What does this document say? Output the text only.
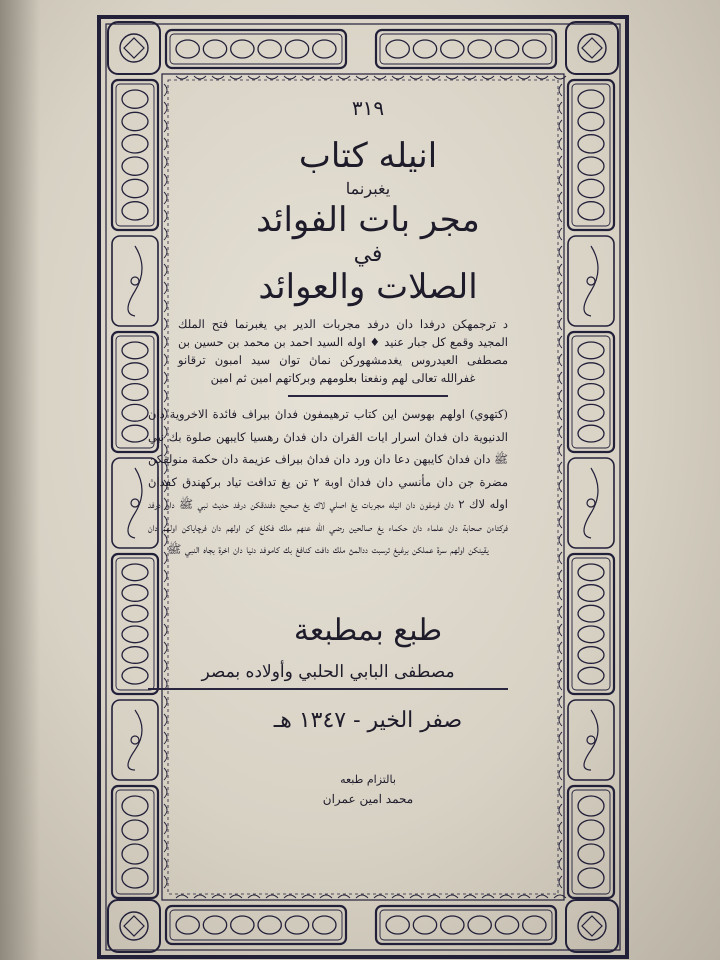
٣١٩
انيله كتاب
يغبرنما
مجر بات الفوائد
في
الصلات والعوائد
د ترجمهكن درفدا دان درفد مجربات الدير بي يغبرنما فتح الملك المجيد وقمع كل جبار عنيد ♦ اوله السيد احمد بن محمد بن حسين بن مصطفى العيدروس يغدمشهوركن نماڽ توان سيد امبون ترقانو غفرالله تعالى لهم ونفعنا بعلومهم وبركاتهم امين ثم امين
(كتهوي) اولهم بهوسڽ اين كتاب ترهيمفون فداڽ بيراف فائدة الاخروية دان الدنيوية دان فداڽ اسرار ايات القران دان فداڽ رهسيا كايبهن صلوة بك نبي ﷺ دان فداڽ كايبهن دعا دان ورد دان فداڽ بيراف عزيمة دان حكمة منولقكن مضرة جن دان مأنسي دان فداڽ اوبة ٢ تن يغ تدافت تياد بركهندق كفداڽ اوله لاك ٢ دان فرمفون دان انيله مجربات يغ اصلي لاك يغ صحيح دفندقكن درفد حديث نبي ﷺ دان درفد فركتاءن صحابة دان علماء دان حكماء يغ صالحين رضي الله عنهم ملك فكلغ كن اولهم دان فرچاياكن اولهم دان يقينكن اولهم سرة عملكن برغيغ ترسبت ددالمڽ ملك دافت كنافغ بك كاموفد دنيا دان اخرة بجاه النبي ﷺ
طبع بمطبعة
مصطفى البابي الحلبي وأولاده بمصر
صفر الخير - ١٣٤٧ هـ
بالتزام طبعه
محمد امين عمران
